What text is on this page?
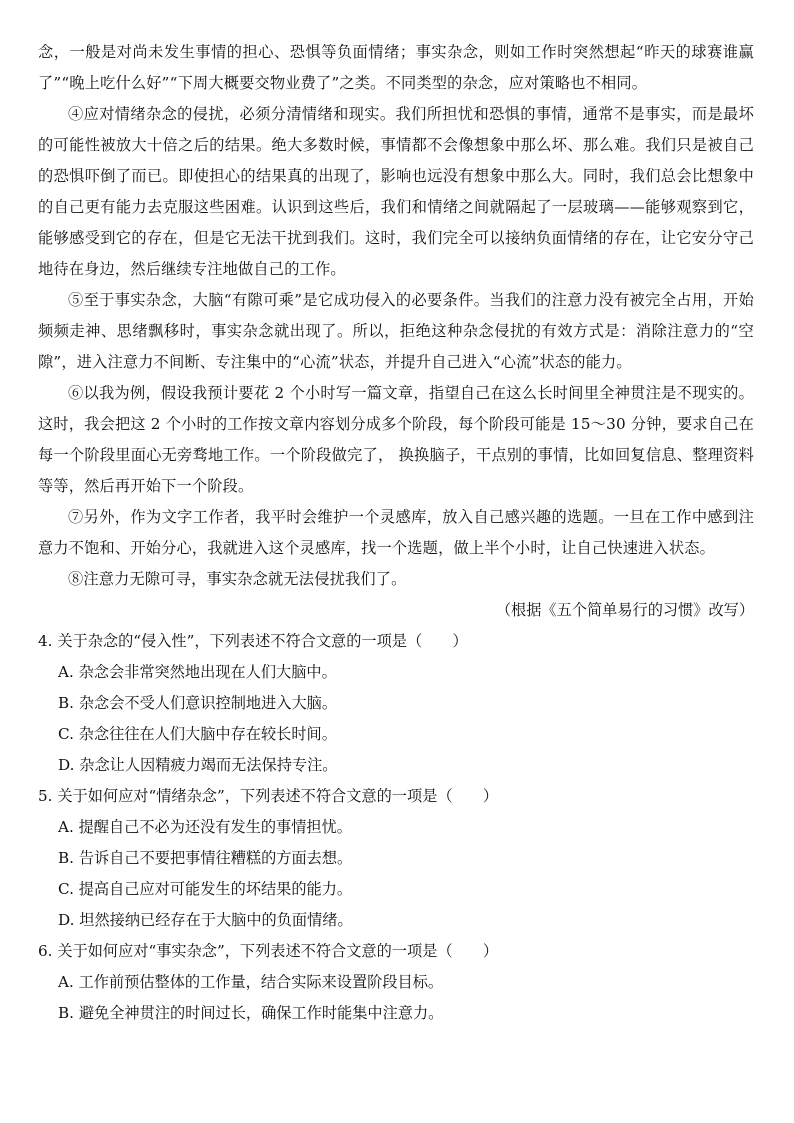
念，一般是对尚未发生事情的担心、恐惧等负面情绪；事实杂念，则如工作时突然想起“昨天的球赛谁赢了”“晚上吃什么好”“下周大概要交物业费了”之类。不同类型的杂念，应对策略也不相同。

④应对情绪杂念的侵扰，必须分清情绪和现实。我们所担忧和恐惧的事情，通常不是事实，而是最坏的可能性被放大十倍之后的结果。绝大多数时候，事情都不会像想象中那么坏、那么难。我们只是被自己的恐惧吓倒了而已。即使担心的结果真的出现了，影响也远没有想象中那么大。同时，我们总会比想象中的自己更有能力去克服这些困难。认识到这些后，我们和情绪之间就隔起了一层玻璃——能够观察到它，能够感受到它的存在，但是它无法干扰到我们。这时，我们完全可以接纳负面情绪的存在，让它安分守己地待在身边，然后继续专注地做自己的工作。

⑤至于事实杂念，大脑“有隙可乘”是它成功侵入的必要条件。当我们的注意力没有被完全占用，开始频频走神、思绪飘移时，事实杂念就出现了。所以，拒绝这种杂念侵扰的有效方式是：消除注意力的“空隙”，进入注意力不间断、专注集中的“心流”状态，并提升自己进入“心流”状态的能力。

⑥以我为例，假设我预计要花 2 个小时写一篇文章，指望自己在这么长时间里全神贯注是不现实的。这时，我会把这 2 个小时的工作按文章内容划分成多个阶段，每个阶段可能是 15～30 分钟，要求自己在每一个阶段里面心无旁骛地工作。一个阶段做完了， 换换脑子，干点别的事情，比如回复信息、整理资料等等，然后再开始下一个阶段。

⑦另外，作为文字工作者，我平时会维护一个灵感库，放入自己感兴趣的选题。一旦在工作中感到注意力不饱和、开始分心，我就进入这个灵感库，找一个选题，做上半个小时，让自己快速进入状态。

⑧注意力无隙可寻，事实杂念就无法侵扰我们了。

（根据《五个简单易行的习惯》改写）

4. 关于杂念的“侵入性”，下列表述不符合文意的一项是（　　）

A. 杂念会非常突然地出现在人们大脑中。

B. 杂念会不受人们意识控制地进入大脑。

C. 杂念往往在人们大脑中存在较长时间。

D. 杂念让人因精疲力竭而无法保持专注。

5. 关于如何应对“情绪杂念”，下列表述不符合文意的一项是（　　）

A. 提醒自己不必为还没有发生的事情担忧。

B. 告诉自己不要把事情往糟糕的方面去想。

C. 提高自己应对可能发生的坏结果的能力。

D. 坦然接纳已经存在于大脑中的负面情绪。

6. 关于如何应对“事实杂念”，下列表述不符合文意的一项是（　　）

A. 工作前预估整体的工作量，结合实际来设置阶段目标。

B. 避免全神贯注的时间过长，确保工作时能集中注意力。
